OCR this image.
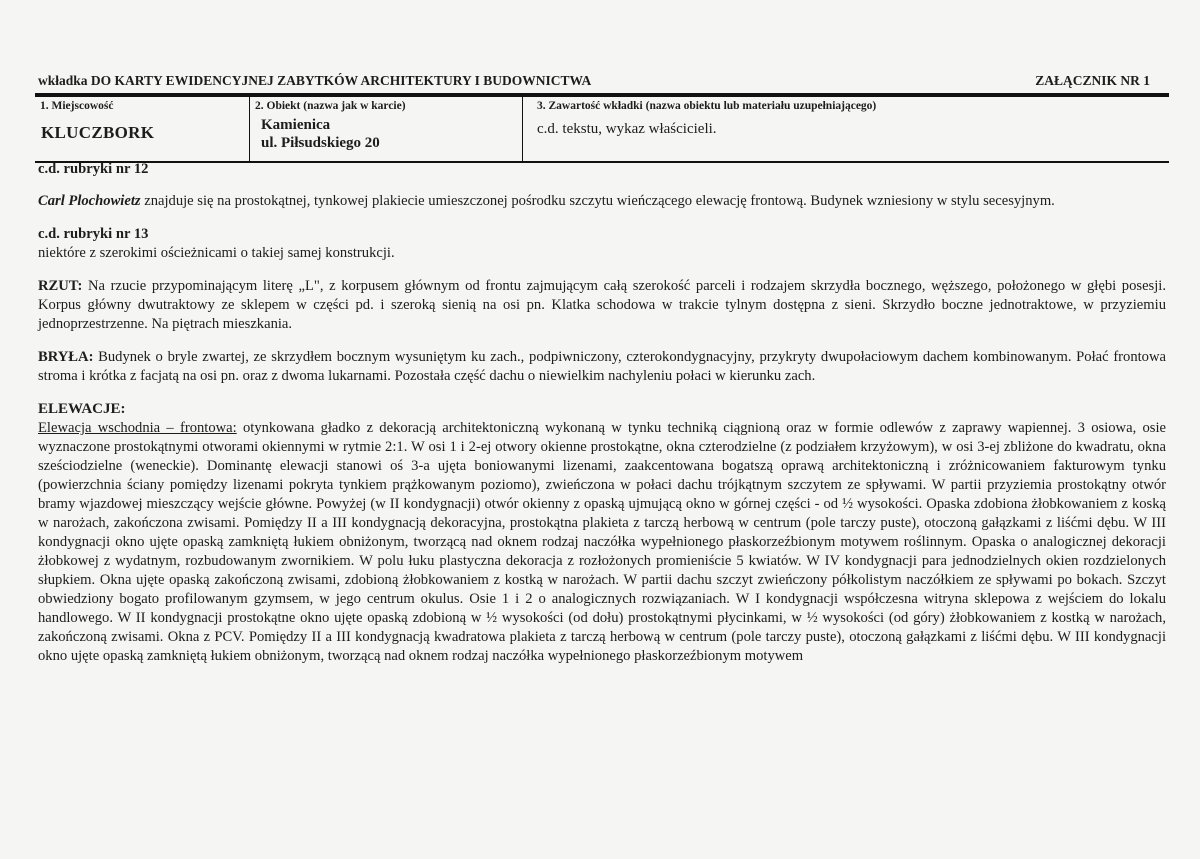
wkładka DO KARTY EWIDENCYJNEJ ZABYTKÓW ARCHITEKTURY I BUDOWNICTWA	ZAŁĄCZNIK NR 1
1. Miejscowość
KLUCZBORK
2. Obiekt (nazwa jak w karcie)
Kamienica
ul. Piłsudskiego 20
3. Zawartość wkładki (nazwa obiektu lub materiału uzupełniającego)
c.d. tekstu, wykaz właścicieli.

c.d. rubryki nr 12

Carl Plochowietz znajduje się na prostokątnej, tynkowej plakiecie umieszczonej pośrodku szczytu wieńczącego elewację frontową. Budynek wzniesiony w stylu secesyjnym.

c.d. rubryki nr 13

niektóre z szerokimi ościeżnicami o takiej samej konstrukcji.

RZUT: Na rzucie przypominającym literę „L", z korpusem głównym od frontu zajmującym całą szerokość parceli i rodzajem skrzydła bocznego, węższego, położonego w głębi posesji. Korpus główny dwutraktowy ze sklepem w części pd. i szeroką sienią na osi pn. Klatka schodowa w trakcie tylnym dostępna z sieni. Skrzydło boczne jednotraktowe, w przyziemiu jednoprzestrzenne. Na piętrach mieszkania.

BRYŁA: Budynek o bryle zwartej, ze skrzydłem bocznym wysuniętym ku zach., podpiwniczony, czterokondygnacyjny, przykryty dwupołaciowym dachem kombinowanym. Połać frontowa stroma i krótka z facjatą na osi pn. oraz z dwoma lukarnami. Pozostała część dachu o niewielkim nachyleniu połaci w kierunku zach.

ELEWACJE:

Elewacja wschodnia – frontowa: otynkowana gładko z dekoracją architektoniczną wykonaną w tynku techniką ciągnioną oraz w formie odlewów z zaprawy wapiennej. 3 osiowa, osie wyznaczone prostokątnymi otworami okiennymi w rytmie 2:1. W osi 1 i 2-ej otwory okienne prostokątne, okna czterodzielne (z podziałem krzyżowym), w osi 3-ej zbliżone do kwadratu, okna sześciodzielne (weneckie). Dominantę elewacji stanowi oś 3-a ujęta boniowanymi lizenami, zaakcentowana bogatszą oprawą architektoniczną i zróżnicowaniem fakturowym tynku (powierzchnia ściany pomiędzy lizenami pokryta tynkiem prążkowanym poziomo), zwieńczona w połaci dachu trójkątnym szczytem ze spływami. W partii przyziemia prostokątny otwór bramy wjazdowej mieszczący wejście główne. Powyżej (w II kondygnacji) otwór okienny z opaską ujmującą okno w górnej części - od ½ wysokości. Opaska zdobiona żłobkowaniem z koską w narożach, zakończona zwisami. Pomiędzy II a III kondygnacją dekoracyjna, prostokątna plakieta z tarczą herbową w centrum (pole tarczy puste), otoczoną gałązkami z liśćmi dębu. W III kondygnacji okno ujęte opaską zamkniętą łukiem obniżonym, tworzącą nad oknem rodzaj naczółka wypełnionego płaskorzeźbionym motywem roślinnym. Opaska o analogicznej dekoracji żłobkowej z wydatnym, rozbudowanym zwornikiem. W polu łuku plastyczna dekoracja z rozłożonych promieniście 5 kwiatów. W IV kondygnacji para jednodzielnych okien rozdzielonych słupkiem. Okna ujęte opaską zakończoną zwisami, zdobioną żłobkowaniem z kostką w narożach. W partii dachu szczyt zwieńczony półkolistym naczółkiem ze spływami po bokach. Szczyt obwiedziony bogato profilowanym gzymsem, w jego centrum okulus. Osie 1 i 2 o analogicznych rozwiązaniach. W I kondygnacji współczesna witryna sklepowa z wejściem do lokalu handlowego. W II kondygnacji prostokątne okno ujęte opaską zdobioną w ½ wysokości (od dołu) prostokątnymi płycinkami, w ½ wysokości (od góry) żłobkowaniem z kostką w narożach, zakończoną zwisami. Okna z PCV. Pomiędzy II a III kondygnacją kwadratowa plakieta z tarczą herbową w centrum (pole tarczy puste), otoczoną gałązkami z liśćmi dębu. W III kondygnacji okno ujęte opaską zamkniętą łukiem obniżonym, tworzącą nad oknem rodzaj naczółka wypełnionego płaskorzeźbionym motywem
